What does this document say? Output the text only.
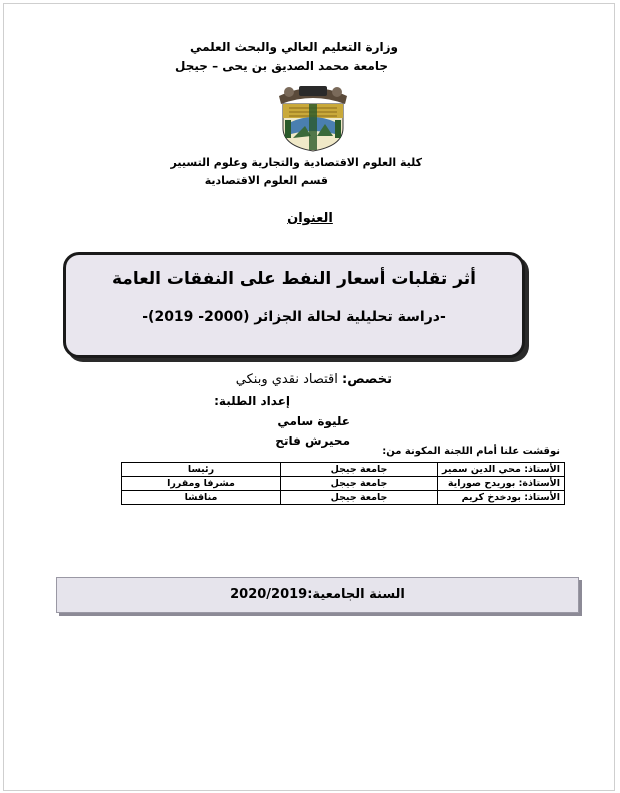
وزارة التعليم العالي والبحث العلمي
جامعة محمد الصديق بن يحى – جيجل
كلية العلوم الاقتصادية والتجارية وعلوم التسيير
قسم العلوم الاقتصادية
العنوان
أثر تقلبات أسعار النفط على النفقات العامة
-دراسة تحليلية لحالة الجزائر (2000- 2019)-
تخصص: اقتصاد نقدي وبنكي
إعداد الطلبة:
عليوة سامي
محيرش فاتح
نوقشت علنا أمام اللجنة المكونة من:
الأستاذ: محي الدين سمير	جامعة جيجل	رئيسا
الأستاذة: بوريدح صوراية	جامعة جيجل	مشرفا ومقررا
الأستاذ: بودخدخ كريم	جامعة جيجل	مناقشا
السنة الجامعية:2020/2019
